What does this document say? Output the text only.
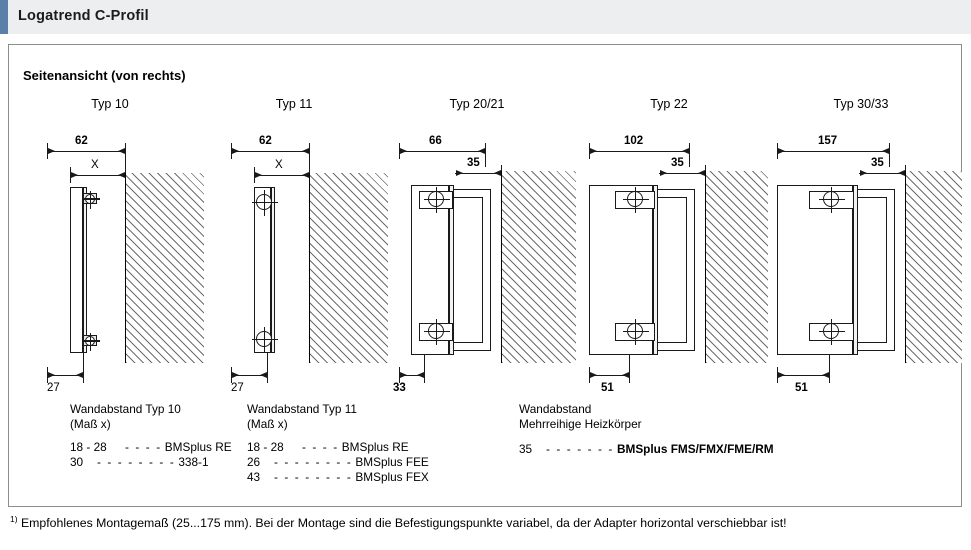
Logatrend C-Profil
Seitenansicht (von rechts)
Typ 10
62
X
27
Wandabstand Typ 10
(Maß x)
18 - 28	- - - - BMSplus RE
30	- - - - - - - - 338-1
Typ 11
62
X
27
Wandabstand Typ 11
(Maß x)
18 - 28	- - - - BMSplus RE
26	- - - - - - - - BMSplus FEE
43	- - - - - - - - BMSplus FEX
Typ 20/21
66
35
33
Typ 22
102
35
51
Typ 30/33
157
35
51
Wandabstand
Mehrreihige Heizkörper
35	- - - - - - - BMSplus FMS/FMX/FME/RM
$^{1)}$ Empfohlenes Montagemaß (25...175 mm). Bei der Montage sind die Befestigungspunkte variabel, da der Adapter horizontal verschiebbar ist!
